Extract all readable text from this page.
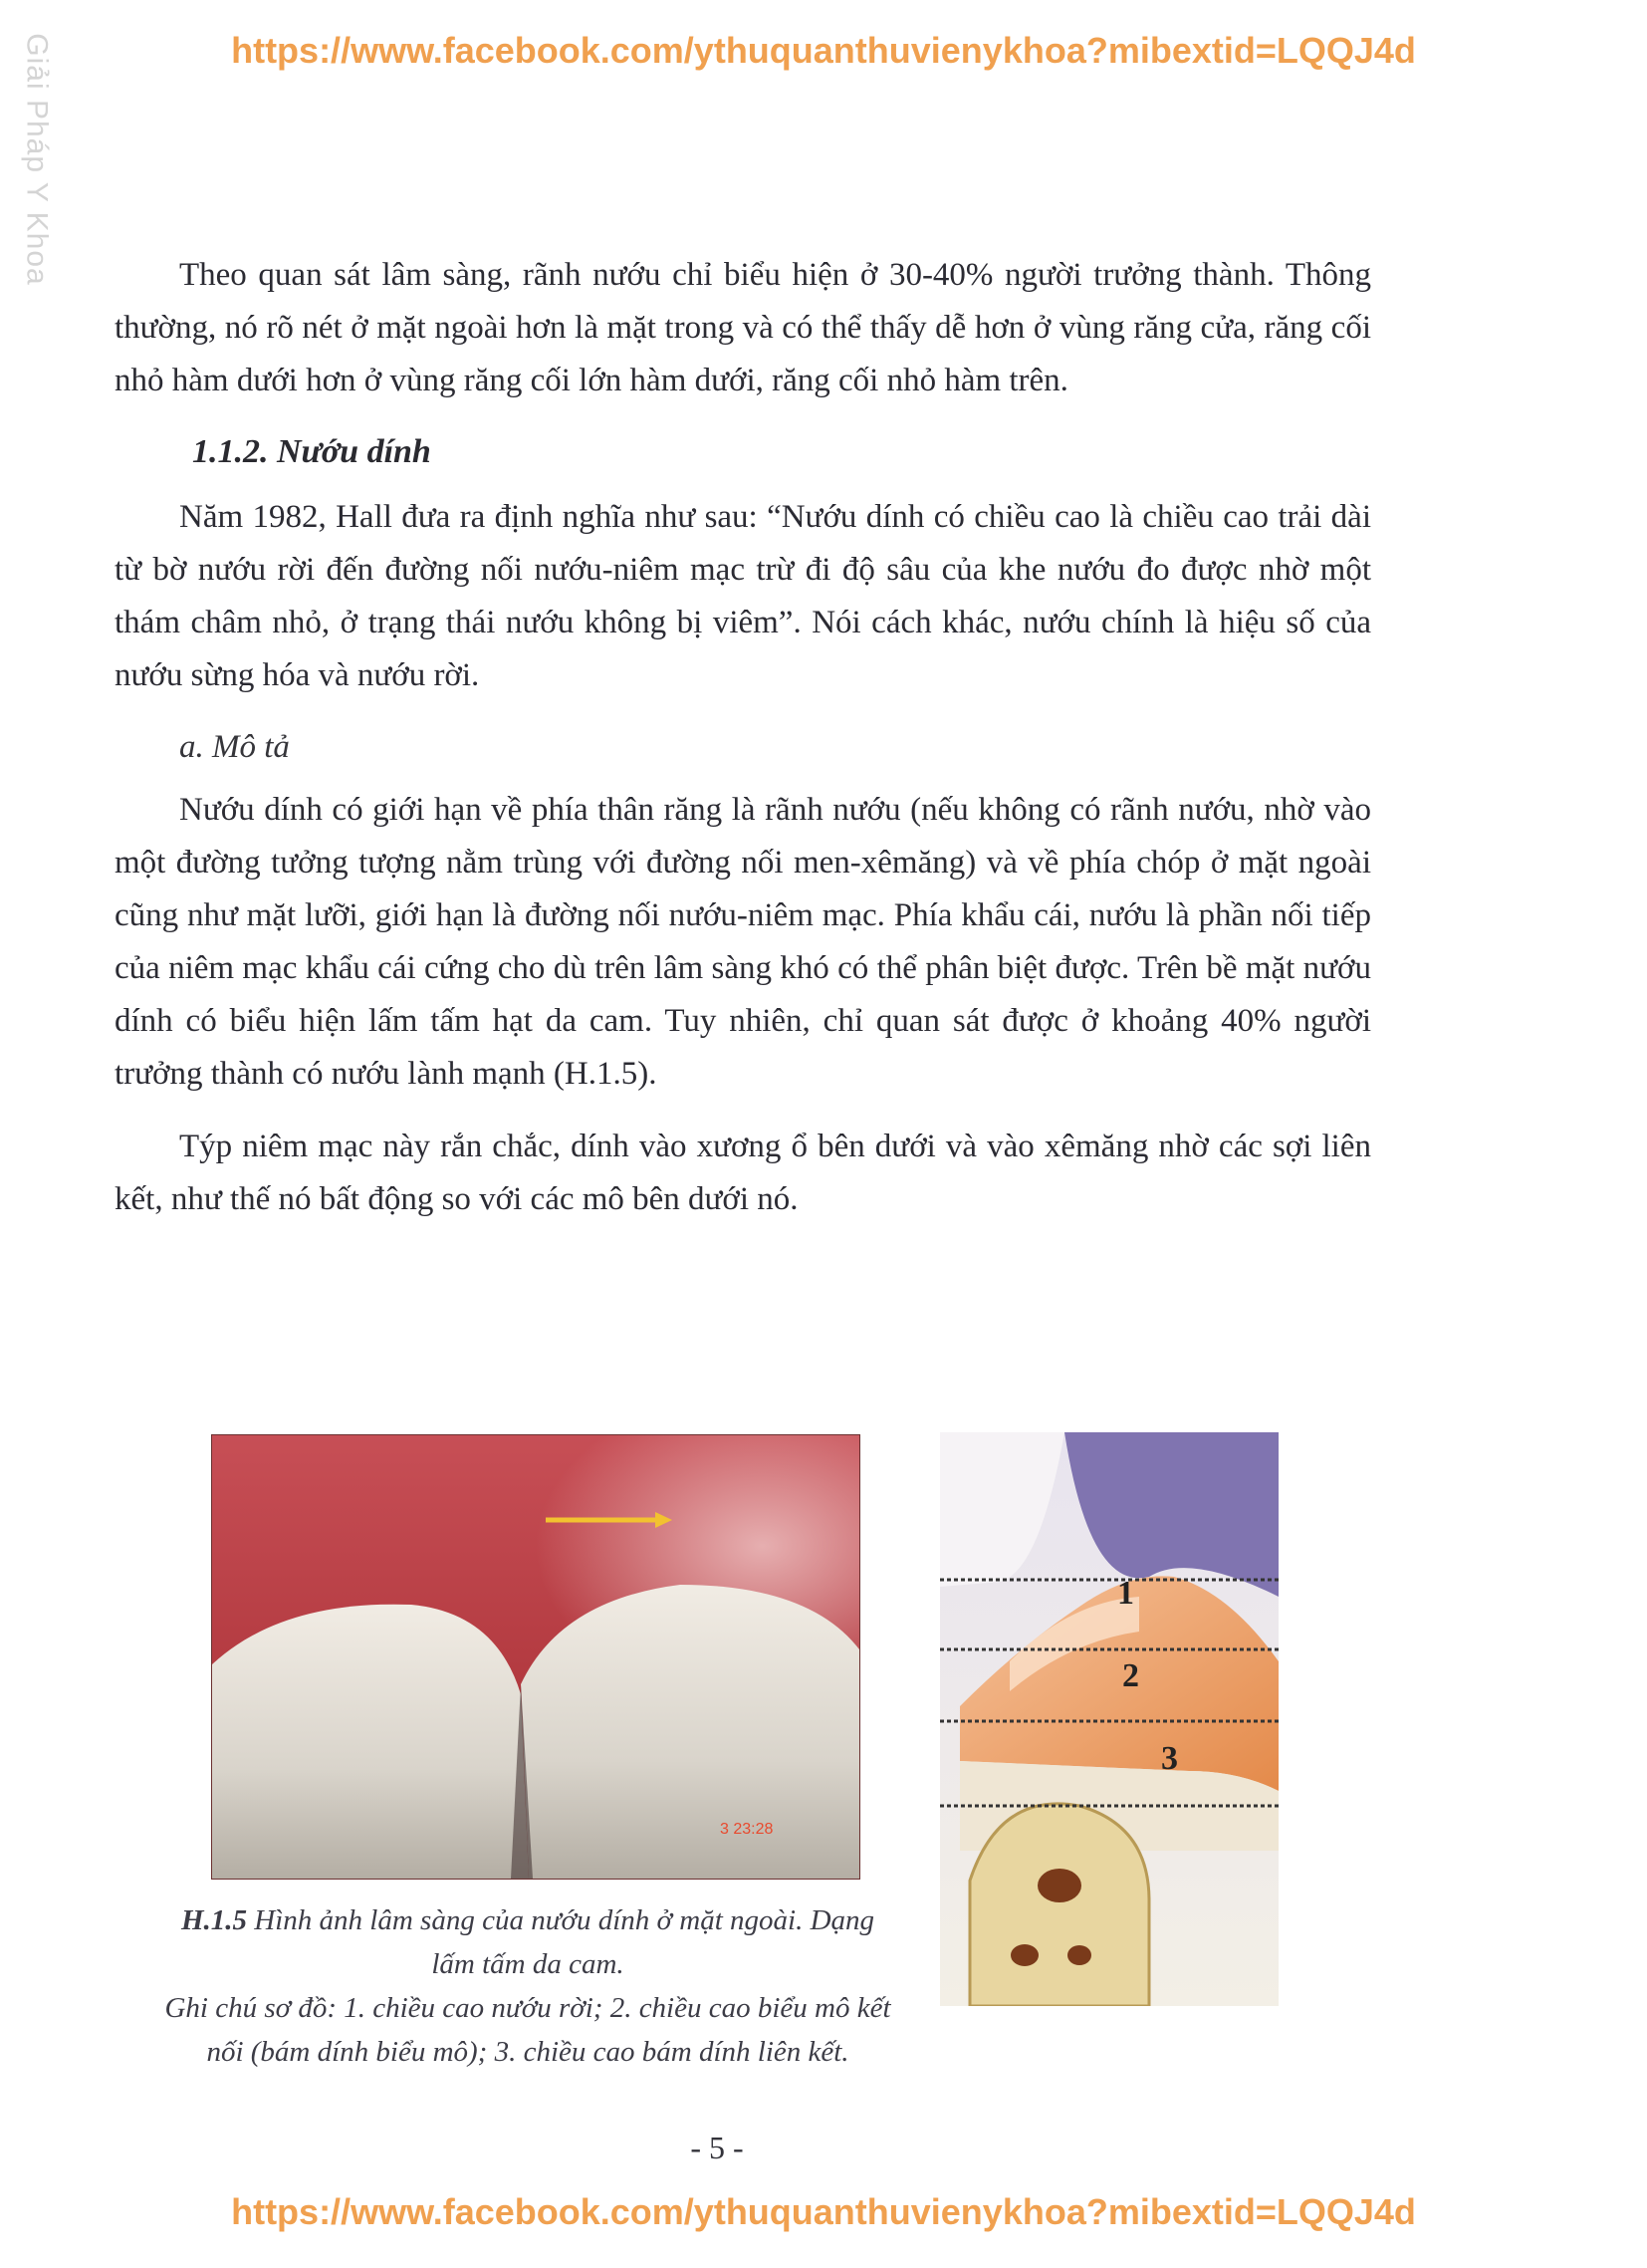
Giải Pháp Y Khoa	https://www.facebook.com/ythuquanthuvienykhoa?mibextid=LQQJ4d

Theo quan sát lâm sàng, rãnh nướu chỉ biểu hiện ở 30-40% người trưởng thành. Thông thường, nó rõ nét ở mặt ngoài hơn là mặt trong và có thể thấy dễ hơn ở vùng răng cửa, răng cối nhỏ hàm dưới hơn ở vùng răng cối lớn hàm dưới, răng cối nhỏ hàm trên.

1.1.2. Nướu dính

Năm 1982, Hall đưa ra định nghĩa như sau: “Nướu dính có chiều cao là chiều cao trải dài từ bờ nướu rời đến đường nối nướu-niêm mạc trừ đi độ sâu của khe nướu đo được nhờ một thám châm nhỏ, ở trạng thái nướu không bị viêm”. Nói cách khác, nướu chính là hiệu số của nướu sừng hóa và nướu rời.

a. Mô tả

Nướu dính có giới hạn về phía thân răng là rãnh nướu (nếu không có rãnh nướu, nhờ vào một đường tưởng tượng nằm trùng với đường nối men-xêmăng) và về phía chóp ở mặt ngoài cũng như mặt lưỡi, giới hạn là đường nối nướu-niêm mạc. Phía khẩu cái, nướu là phần nối tiếp của niêm mạc khẩu cái cứng cho dù trên lâm sàng khó có thể phân biệt được. Trên bề mặt nướu dính có biểu hiện lấm tấm hạt da cam. Tuy nhiên, chỉ quan sát được ở khoảng 40% người trưởng thành có nướu lành mạnh (H.1.5).

Týp niêm mạc này rắn chắc, dính vào xương ổ bên dưới và vào xêmăng nhờ các sợi liên kết, như thế nó bất động so với các mô bên dưới nó.

3 23:28
1
2
3

H.1.5 Hình ảnh lâm sàng của nướu dính ở mặt ngoài. Dạng lấm tấm da cam.

Ghi chú sơ đồ: 1. chiều cao nướu rời; 2. chiều cao biểu mô kết nối (bám dính biểu mô); 3. chiều cao bám dính liên kết.

- 5 -
https://www.facebook.com/ythuquanthuvienykhoa?mibextid=LQQJ4d
